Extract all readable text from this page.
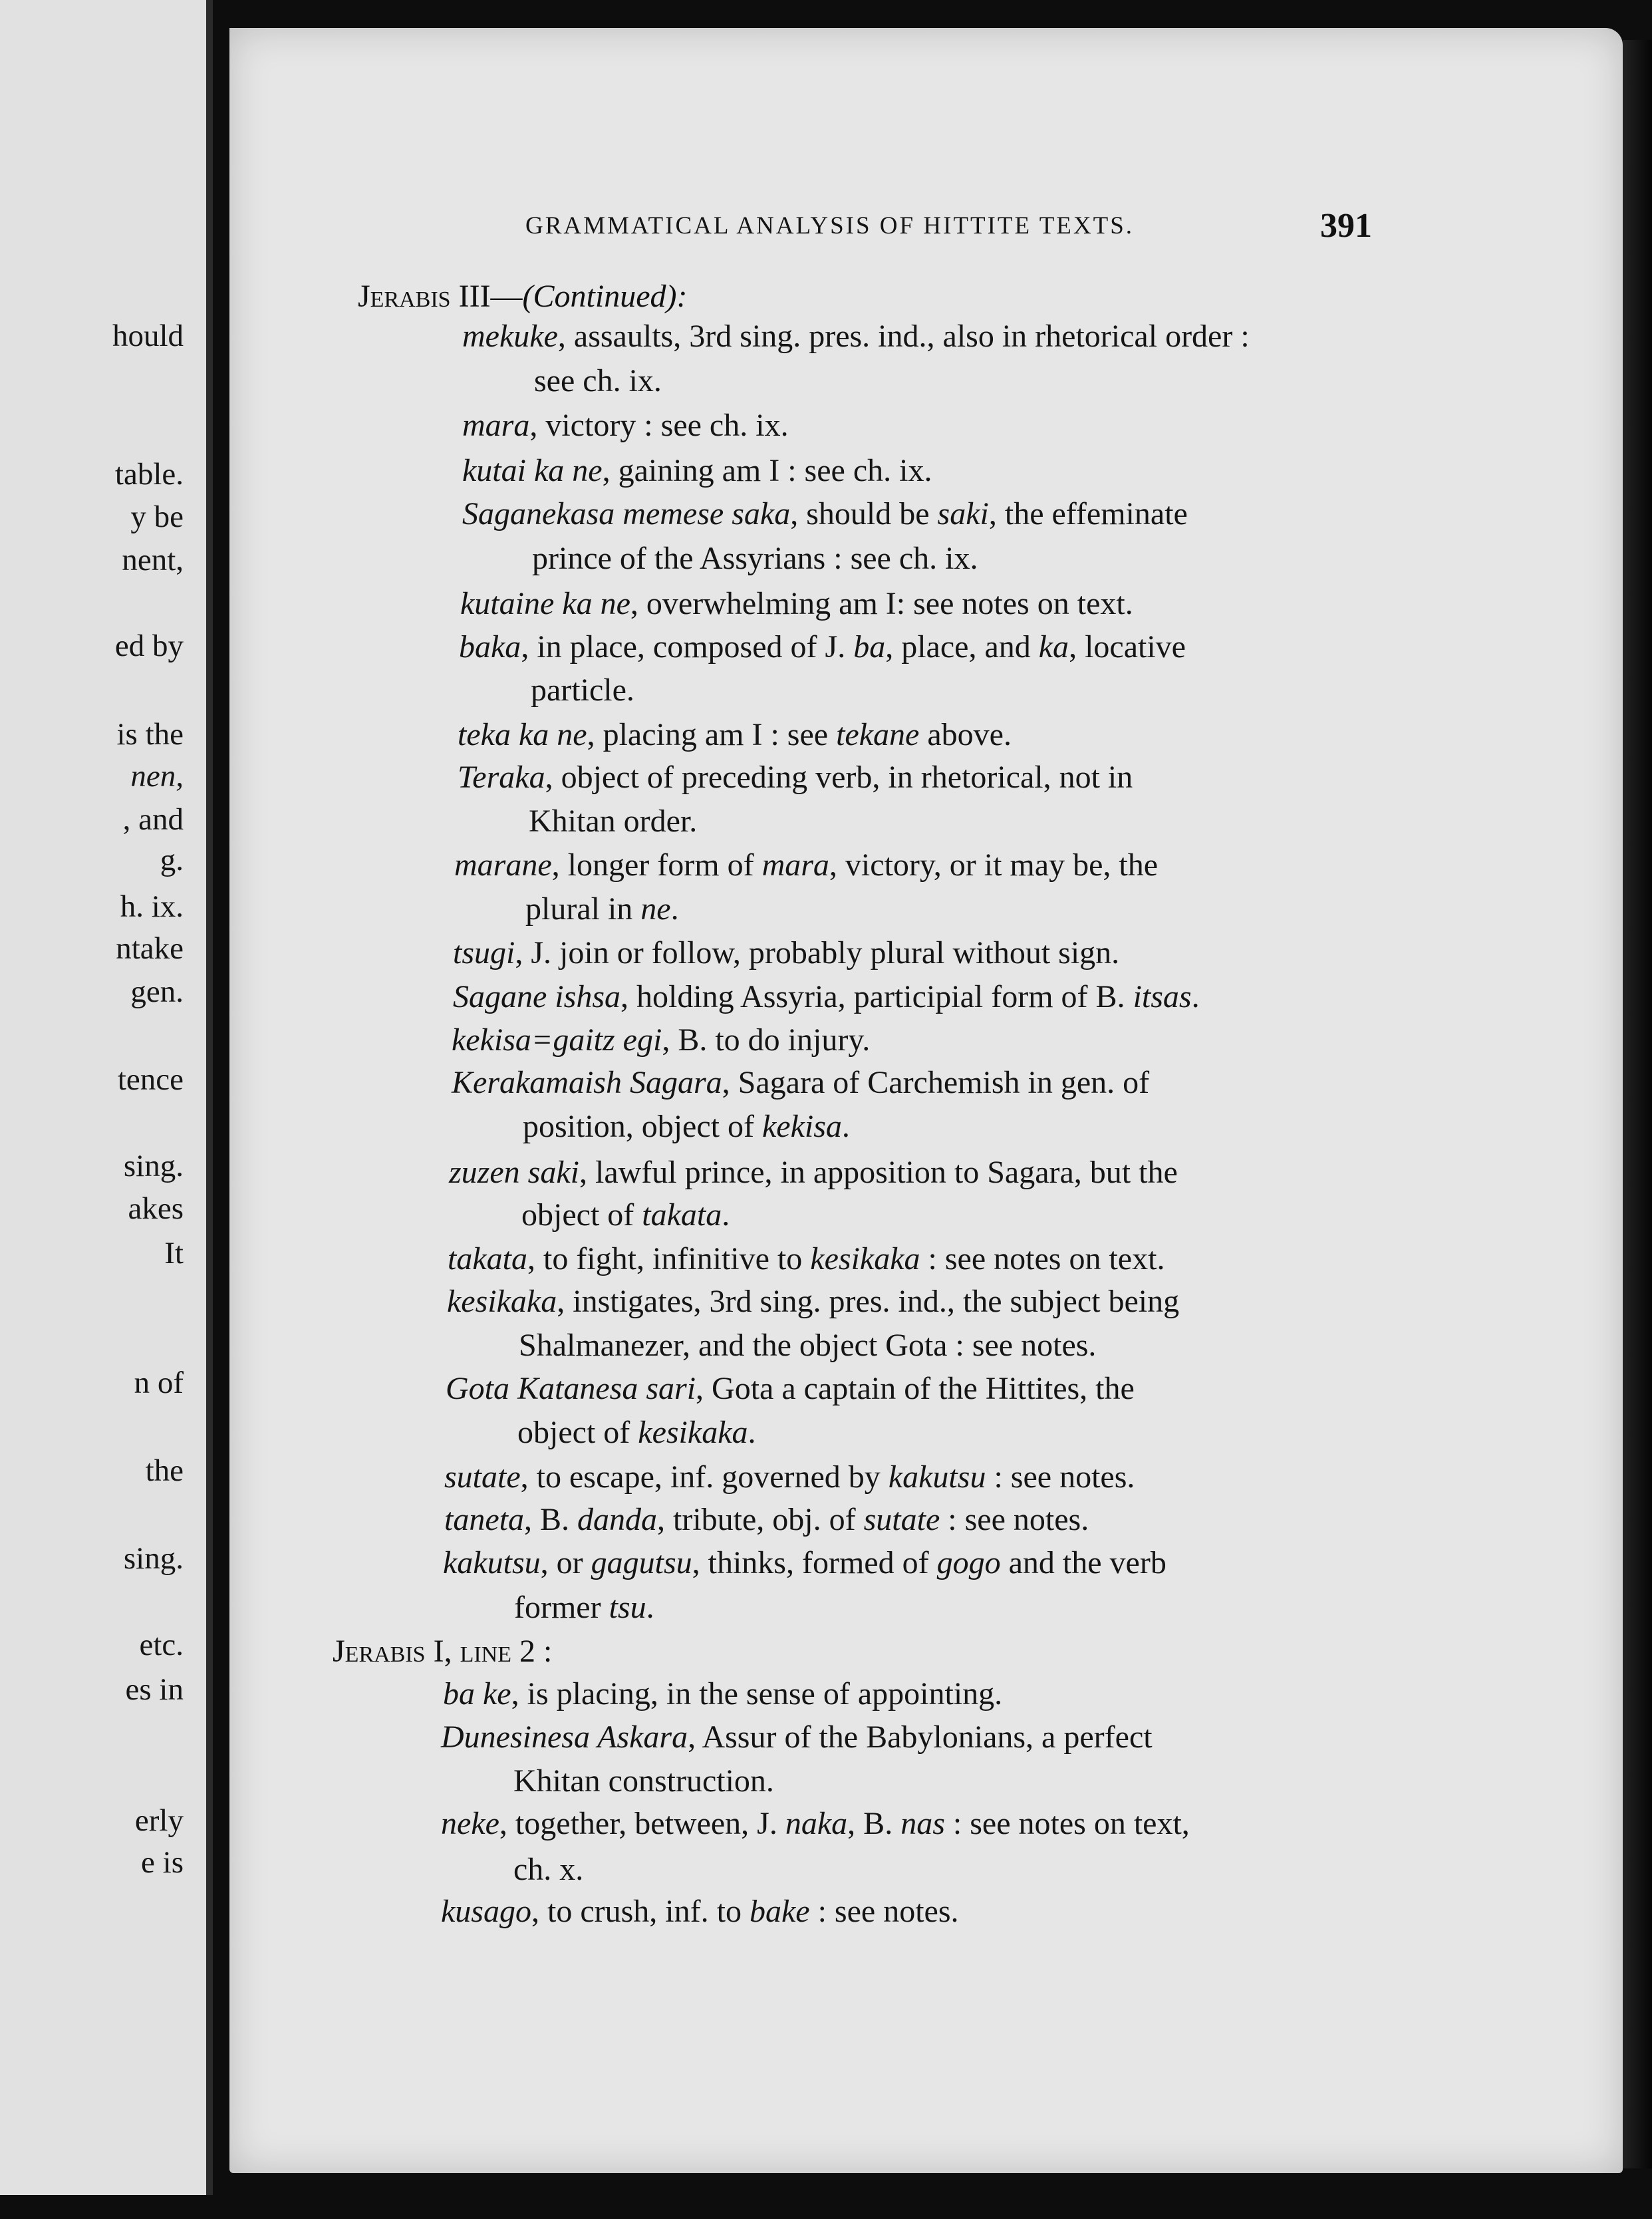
hould
table.
y be
nent,
ed by
is the
nen,
, and
g.
h. ix.
ntake
gen.
tence
sing.
akes
It
n of
the
sing.
etc.
es in
erly
e is
GRAMMATICAL ANALYSIS OF HITTITE TEXTS.	391
Jerabis III—(Continued):
mekuke, assaults, 3rd sing. pres. ind., also in rhetorical order :
see ch. ix.
mara, victory : see ch. ix.
kutai ka ne, gaining am I : see ch. ix.
Saganekasa memese saka, should be saki, the effeminate
prince of the Assyrians : see ch. ix.
kutaine ka ne, overwhelming am I: see notes on text.
baka, in place, composed of J. ba, place, and ka, locative
particle.
teka ka ne, placing am I : see tekane above.
Teraka, object of preceding verb, in rhetorical, not in
Khitan order.
marane, longer form of mara, victory, or it may be, the
plural in ne.
tsugi, J. join or follow, probably plural without sign.
Sagane ishsa, holding Assyria, participial form of B. itsas.
kekisa=gaitz egi, B. to do injury.
Kerakamaish Sagara, Sagara of Carchemish in gen. of
position, object of kekisa.
zuzen saki, lawful prince, in apposition to Sagara, but the
object of takata.
takata, to fight, infinitive to kesikaka : see notes on text.
kesikaka, instigates, 3rd sing. pres. ind., the subject being
Shalmanezer, and the object Gota : see notes.
Gota Katanesa sari, Gota a captain of the Hittites, the
object of kesikaka.
sutate, to escape, inf. governed by kakutsu : see notes.
taneta, B. danda, tribute, obj. of sutate : see notes.
kakutsu, or gagutsu, thinks, formed of gogo and the verb
former tsu.
Jerabis I, line 2 :
ba ke, is placing, in the sense of appointing.
Dunesinesa Askara, Assur of the Babylonians, a perfect
Khitan construction.
neke, together, between, J. naka, B. nas : see notes on text,
ch. x.
kusago, to crush, inf. to bake : see notes.
